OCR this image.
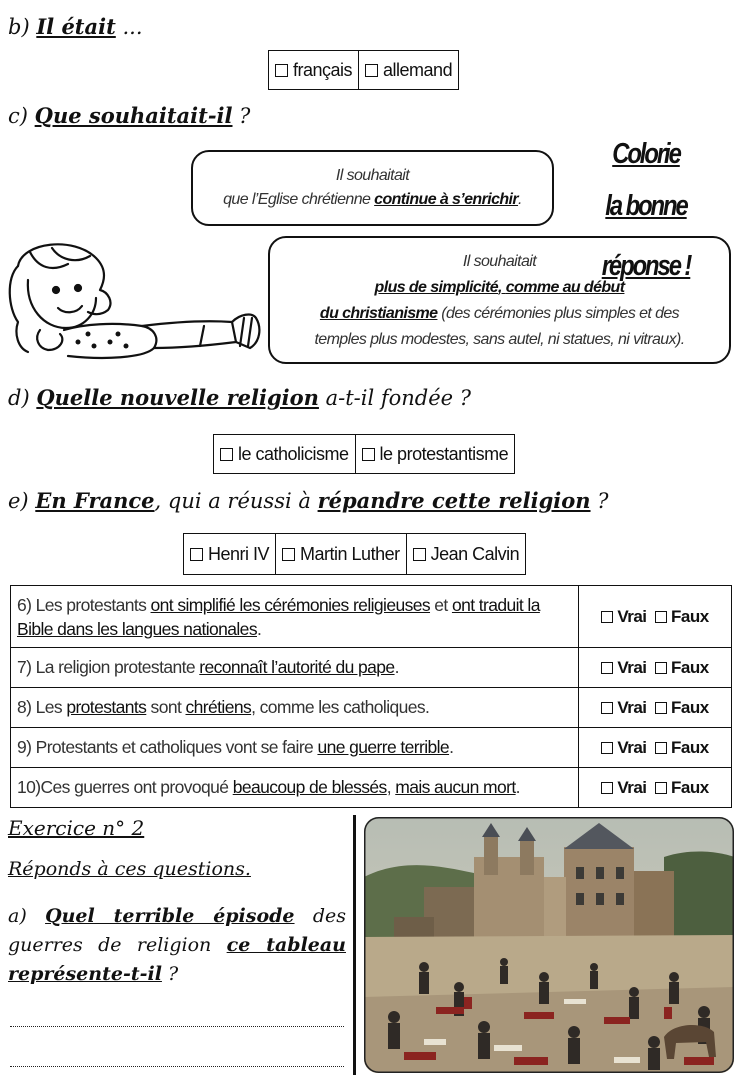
b) Il était ...
français allemand
c) Que souhaitait-il ?
Colorie
la bonne réponse !
Il souhaitait
que l’Eglise chrétienne continue à s’enrichir.
Il souhaitait
plus de simplicité, comme au début
du christianisme (des cérémonies plus simples et des
temples plus modestes, sans autel, ni statues, ni vitraux).
d) Quelle nouvelle religion a-t-il fondée ?
le catholicisme le protestantisme
e) En France, qui a réussi à répandre cette religion ?
Henri IV Martin Luther Jean Calvin
6) Les protestants ont simplifié les cérémonies religieuses et ont traduit la Bible dans les langues nationales.	Vrai Faux
7) La religion protestante reconnaît l’autorité du pape.	Vrai Faux
8) Les protestants sont chrétiens, comme les catholiques.	Vrai Faux
9) Protestants et catholiques vont se faire une guerre terrible.	Vrai Faux
10)Ces guerres ont provoqué beaucoup de blessés, mais aucun mort.	Vrai Faux
Exercice n° 2
Réponds à ces questions.
a) Quel terrible épisode des guerres de religion ce tableau représente-t-il ?
